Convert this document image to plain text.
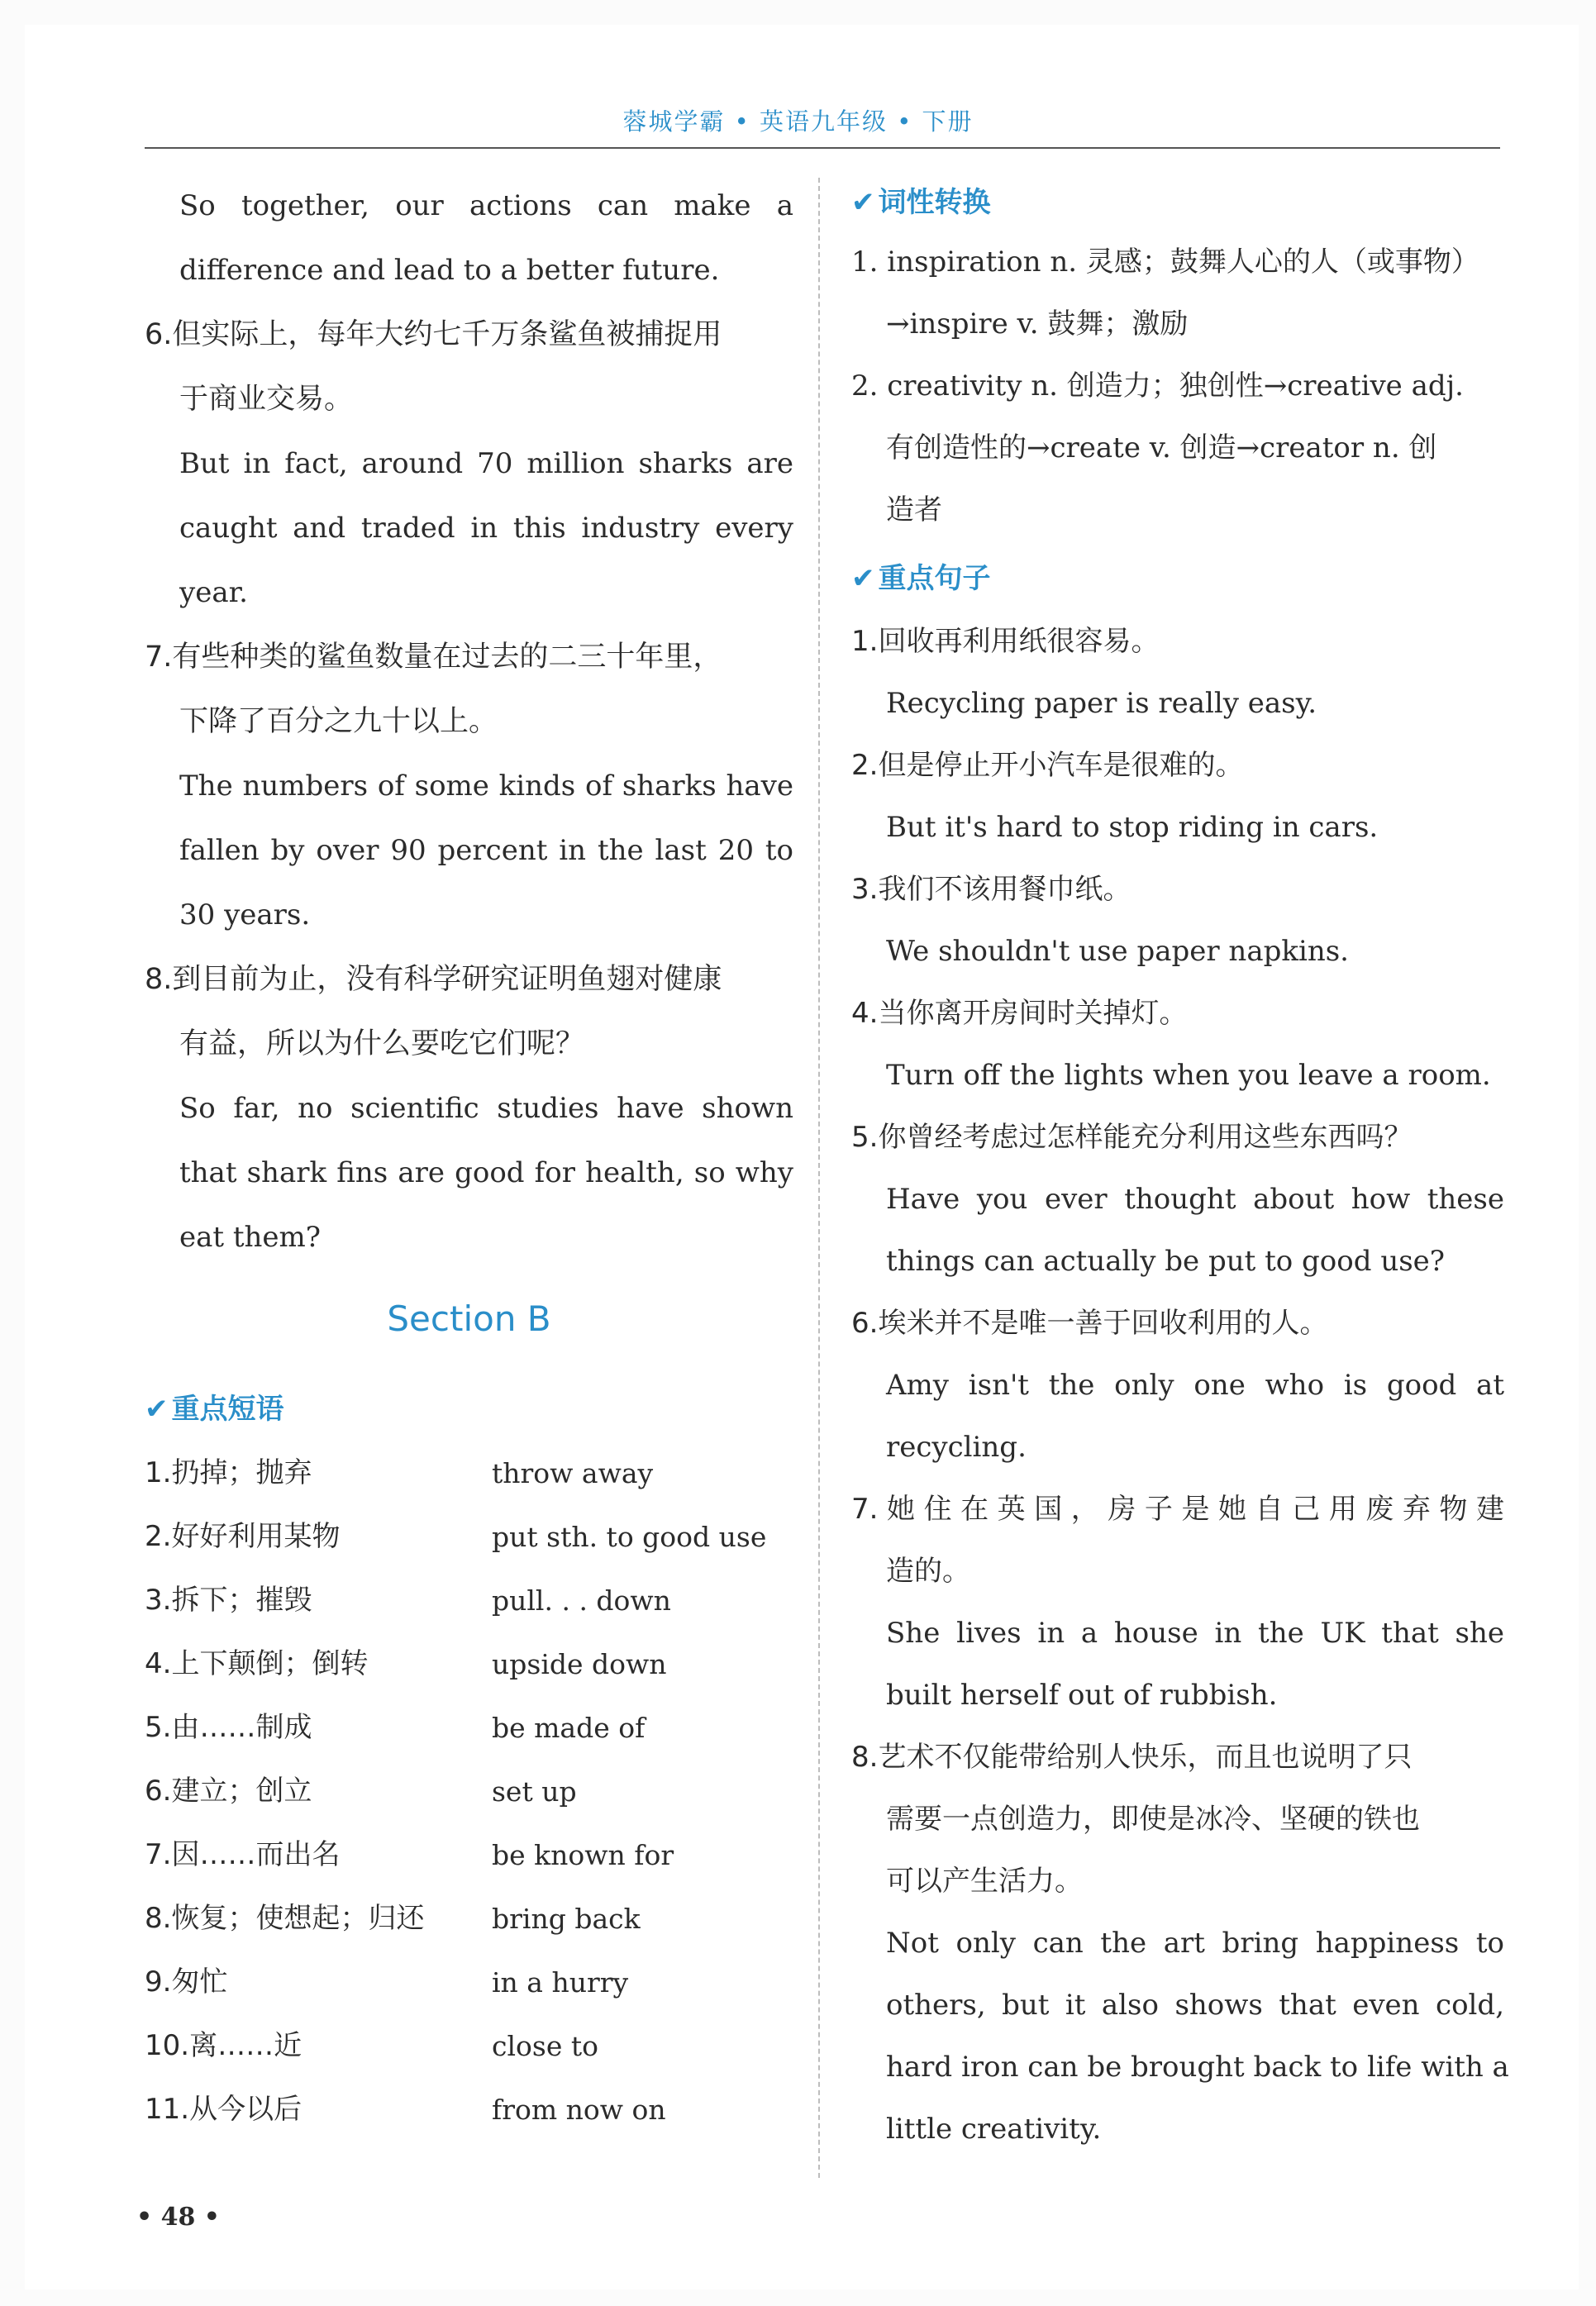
蓉城学霸 • 英语九年级 • 下册

So together, our actions can make a

difference and lead to a better future.

6.但实际上，每年大约七千万条鲨鱼被捕捉用

于商业交易。

But in fact, around 70 million sharks are

caught and traded in this industry every

year.

7.有些种类的鲨鱼数量在过去的二三十年里，

下降了百分之九十以上。

The numbers of some kinds of sharks have

fallen by over 90 percent in the last 20 to

30 years.

8.到目前为止，没有科学研究证明鱼翅对健康

有益，所以为什么要吃它们呢？

So far, no scientific studies have shown

that shark fins are good for health, so why

eat them?

Section B
✔ 重点短语
1.扔掉；抛弃	throw away
2.好好利用某物	put sth. to good use
3.拆下；摧毁	pull. . . down
4.上下颠倒；倒转	upside down
5.由……制成	be made of
6.建立；创立	set up
7.因……而出名	be known for
8.恢复；使想起；归还 bring back
9.匆忙	in a hurry
10.离……近	close to
11.从今以后	from now on
✔ 词性转换

1. inspiration n. 灵感；鼓舞人心的人（或事物）

→inspire v. 鼓舞；激励

2. creativity n. 创造力；独创性→creative adj.

有创造性的→create v. 创造→creator n. 创

造者

✔ 重点句子

1.回收再利用纸很容易。

Recycling paper is really easy.

2.但是停止开小汽车是很难的。

But it's hard to stop riding in cars.

3.我们不该用餐巾纸。

We shouldn't use paper napkins.

4.当你离开房间时关掉灯。

Turn off the lights when you leave a room.

5.你曾经考虑过怎样能充分利用这些东西吗？

Have you ever thought about how these

things can actually be put to good use?

6.埃米并不是唯一善于回收利用的人。

Amy isn't the only one who is good at

recycling.

7.她住在英国，房子是她自己用废弃物建

造的。

She lives in a house in the UK that she

built herself out of rubbish.

8.艺术不仅能带给别人快乐，而且也说明了只

需要一点创造力，即使是冰冷、坚硬的铁也

可以产生活力。

Not only can the art bring happiness to

others, but it also shows that even cold,

hard iron can be brought back to life with a

little creativity.

• 48 •
